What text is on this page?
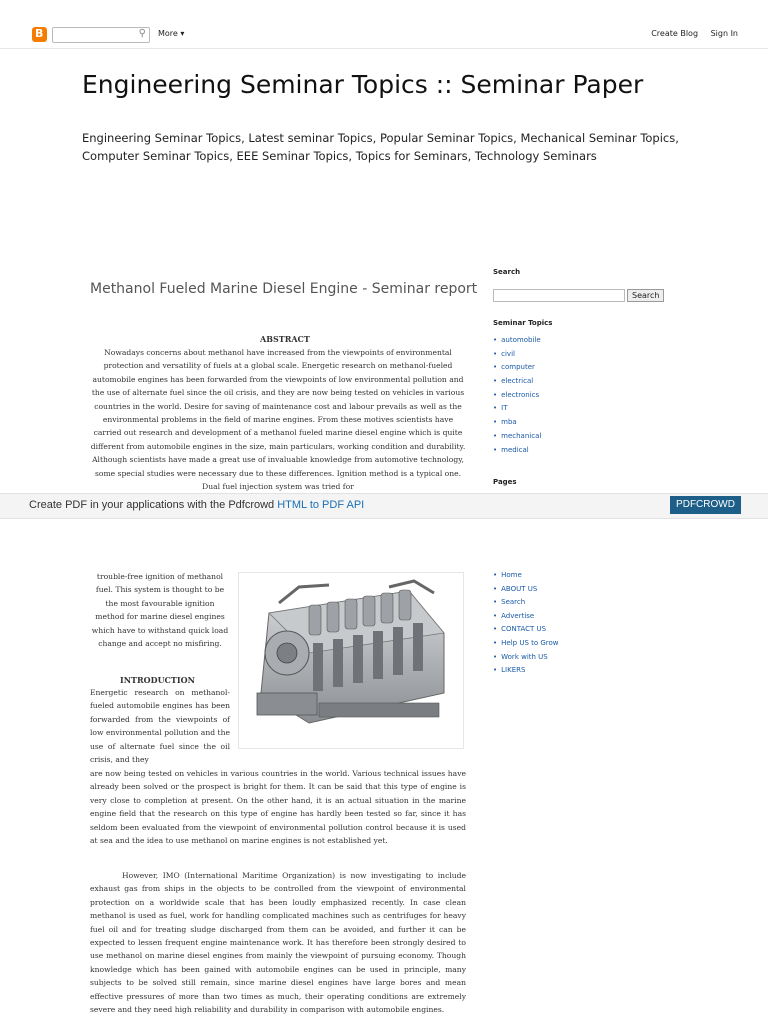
B
⚲ More ▾	Create Blog Sign In
Engineering Seminar Topics :: Seminar Paper
Engineering Seminar Topics, Latest seminar Topics, Popular Seminar Topics, Mechanical Seminar Topics, Computer Seminar Topics, EEE Seminar Topics, Topics for Seminars, Technology Seminars
Methanol Fueled Marine Diesel Engine - Seminar report
ABSTRACT
Nowadays concerns about methanol have increased from the viewpoints of environmental protection and versatility of fuels at a global scale. Energetic research on methanol-fueled automobile engines has been forwarded from the viewpoints of low environmental pollution and the use of alternate fuel since the oil crisis, and they are now being tested on vehicles in various countries in the world. Desire for saving of maintenance cost and labour prevails as well as the environmental problems in the field of marine engines. From these motives scientists have carried out research and development of a methanol fueled marine diesel engine which is quite different from automobile engines in the size, main particulars, working condition and durability. Although scientists have made a great use of invaluable knowledge from automotive technology, some special studies were necessary due to these differences. Ignition method is a typical one. Dual fuel injection system was tried for
Search
Search
Seminar Topics
• automobile
• civil
• computer
• electrical
• electronics
• IT
• mba
• mechanical
• medical
Pages
Create PDF in your applications with the Pdfcrowd HTML to PDF API	PDFCROWD
trouble-free ignition of methanol fuel. This system is thought to be the most favourable ignition method for marine diesel engines which have to withstand quick load change and accept no misfiring.
INTRODUCTION
Energetic research on methanol-fueled automobile engines has been forwarded from the viewpoints of low environmental pollution and the use of alternate fuel since the oil crisis, and they
are now being tested on vehicles in various countries in the world. Various technical issues have already been solved or the prospect is bright for them. It can be said that this type of engine is very close to completion at present. On the other hand, it is an actual situation in the marine engine field that the research on this type of engine has hardly been tested so far, since it has seldom been evaluated from the viewpoint of environmental pollution control because it is used at sea and the idea to use methanol on marine engines is not established yet.
However, IMO (International Maritime Organization) is now investigating to include exhaust gas from ships in the objects to be controlled from the viewpoint of environmental protection on a worldwide scale that has been loudly emphasized recently. In case clean methanol is used as fuel, work for handling complicated machines such as centrifuges for heavy fuel oil and for treating sludge discharged from them can be avoided, and further it can be expected to lessen frequent engine maintenance work. It has therefore been strongly desired to use methanol on marine diesel engines from mainly the viewpoint of pursuing economy. Though knowledge which has been gained with automobile engines can be used in principle, many subjects to be solved still remain, since marine diesel engines have large bores and mean effective pressures of more than two times as much, their operating conditions are extremely severe and they need high reliability and durability in comparison with automobile engines.
• Home
• ABOUT US
• Search
• Advertise
• CONTACT US
• Help US to Grow
• Work with US
• LIKERS
